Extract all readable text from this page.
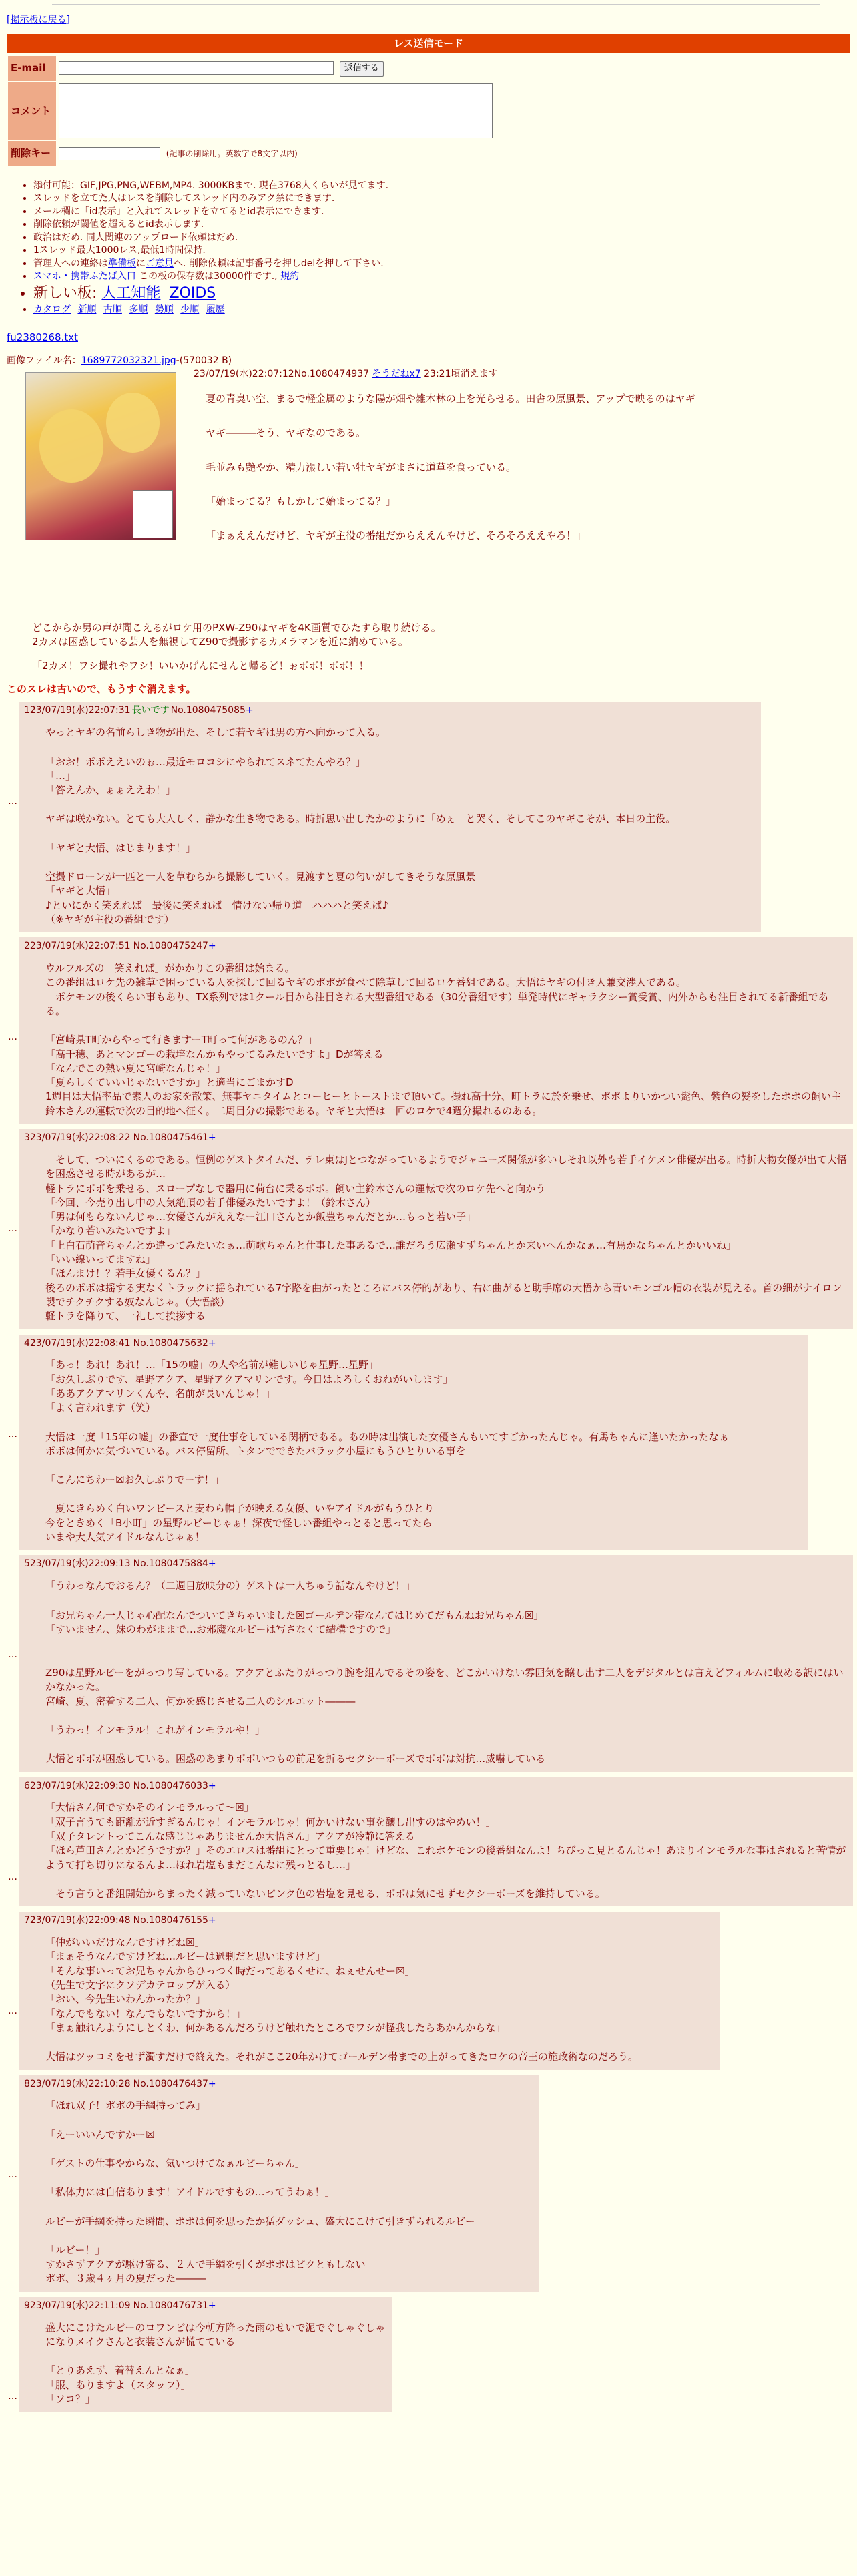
[掲示板に戻る]
レス送信モード
E-mail	返信する
コメント	

削除キー	(記事の削除用。英数字で8文字以内)
• 添付可能：GIF,JPG,PNG,WEBM,MP4. 3000KBまで. 現在3768人くらいが見てます.
• スレッドを立てた人はレスを削除してスレッド内のみアク禁にできます.
• メール欄に「id表示」と入れてスレッドを立てるとid表示にできます.
• 削除依頼が閾値を超えるとid表示します.
• 政治はだめ. 同人関連のアップロード依頼はだめ.
• 1スレッド最大1000レス,最低1時間保持.
• 管理人への連絡は準備板にご意見へ. 削除依頼は記事番号を押しdelを押して下さい.
• スマホ・携帯ふたば入口 この板の保存数は30000件です., 規約
• 新しい板: 人工知能 ZOIDS
• カタログ 新順 古順 多順 勢順 少順 履歴
fu2380268.txt
画像ファイル名：1689772032321.jpg-(570032 B)
23/07/19(水)22:07:12No.1080474937 そうだねx7 23:21頃消えます

夏の青臭い空、まるで軽金属のような陽が畑や雑木林の上を光らせる。田舎の原風景、アップで映るのはヤギ

ヤギ―――そう、ヤギなのである。

毛並みも艶やか、精力漲しい若い牡ヤギがまさに道草を食っている。

「始まってる？もしかして始まってる？」

「まぁええんだけど、ヤギが主役の番組だからええんやけど、そろそろええやろ！」

どこからか男の声が聞こえるがロケ用のPXW-Z90はヤギを4K画質でひたすら取り続ける。
2カメは困惑している芸人を無視してZ90で撮影するカメラマンを近に納めている。

「2カメ！ワシ撮れやワシ！いいかげんにせんと帰るど！ぉポポ！ポポ！！」

このスレは古いので、もうすぐ消えます。
…
123/07/19(水)22:07:31 長いです No.1080475085+

やっとヤギの名前らしき物が出た、そして若ヤギは男の方へ向かって入る。

「おお！ポポええいのぉ…最近モロコシにやられてスネてたんやろ？」

「…」

「答えんか、ぁぁええわ！」

ヤギは咲かない。とても大人しく、静かな生き物である。時折思い出したかのように「めぇ」と哭く、そしてこのヤギこそが、本日の主役。

「ヤギと大悟、はじまります！」

空撮ドローンが一匹と一人を草むらから撮影していく。見渡すと夏の匂いがしてきそうな原風景

「ヤギと大悟」

♪といにかく笑えれば　最後に笑えれば　情けない帰り道　ハハハと笑えば♪

（※ヤギが主役の番組です）

…
223/07/19(水)22:07:51 No.1080475247+

ウルフルズの「笑えれば」がかかりこの番組は始まる。

この番組はロケ先の雑草で困っている人を探して回るヤギのポポが食べて除草して回るロケ番組である。大悟はヤギの付き人兼交渉人である。

　ポケモンの後くらい事もあり、TX系列では1クール目から注目される大型番組である（30分番組です）単発時代にギャラクシー賞受賞、内外からも注目されてる新番組である。

「宮崎県T町からやって行きますーT町って何があるのん？」

「高千穂、あとマンゴーの栽培なんかもやってるみたいですよ」Dが答える

「なんでこの熱い夏に宮崎なんじゃ！」

「夏らしくていいじゃないですか」と適当にごまかすD

1週目は大悟率品で素人のお家を散策、無事ヤニタイムとコーヒーとトーストまで頂いて。撮れ高十分、町トラに於を乗せ、ポポよりいかつい髭色、紫色の髪をしたポポの飼い主鈴木さんの運転で次の目的地へ征く。二周目分の撮影である。ヤギと大悟は一回のロケで4週分撮れるのある。

…
323/07/19(水)22:08:22 No.1080475461+

　そして、ついにくるのである。恒例のゲストタイムだ、テレ東はJとつながっているようでジャニーズ関係が多いしそれ以外も若手イケメン俳優が出る。時折大物女優が出て大悟を困惑させる時があるが…

軽トラにポポを乗せる、スロープなしで器用に荷台に乗るポポ。飼い主鈴木さんの運転で次のロケ先へと向かう

「今回、今売り出し中の人気絶頂の若手俳優みたいですよ！（鈴木さん）」

「男は何もらないんじゃ…女優さんがええなー江口さんとか飯豊ちゃんだとか…もっと若い子」

「かなり若いみたいですよ」

「上白石萌音ちゃんとか違ってみたいなぁ…萌歌ちゃんと仕事した事あるで…誰だろう広瀬すずちゃんとか来いへんかなぁ…有馬かなちゃんとかいいね」

「いい線いってますね」

「ほんまけ！？若手女優くるん？」

後ろのポポは揺する実なくトラックに揺られている7字路を曲がったところにバス停的があり、右に曲がると助手席の大悟から青いモンゴル帽の衣装が見える。首の細がナイロン製でチクチクする奴なんじゃ。（大悟談）

軽トラを降りて、一礼して挨拶する

…
423/07/19(水)22:08:41 No.1080475632+

「あっ！あれ！あれ！…「15の嘘」の人や名前が難しいじゃ星野…星野」

「お久しぶりです、星野アクア、星野アクアマリンです。今日はよろしくおねがいします」

「ああアクアマリンくんや、名前が長いんじゃ！」

「よく言われます（笑）」

大悟は一度「15年の嘘」の番宣で一度仕事をしている関柄である。あの時は出演した女優さんもいてすごかったんじゃ。有馬ちゃんに逢いたかったなぁ

ポポは何かに気づいている。バス停留所、トタンでできたバラック小屋にもうひとりいる事を

「こんにちわー☒お久しぶりでーす！」

　夏にきらめく白いワンピースと麦わら帽子が映える女優、いやアイドルがもうひとり

今をときめく「B小町」の星野ルビーじゃぁ！深夜で怪しい番組やっとると思ってたら

いまや大人気アイドルなんじゃぁ！

…
523/07/19(水)22:09:13 No.1080475884+

「うわっなんでおるん？（二週目放映分の）ゲストは一人ちゅう話なんやけど！」

「お兄ちゃん一人じゃ心配なんでついてきちゃいました☒ゴールデン帯なんてはじめてだもんねお兄ちゃん☒」

「すいません、妹のわがままで…お邪魔なルビーは写さなくて結構ですので」

Z90は星野ルビーをがっつり写している。アクアとふたりがっつり腕を組んでるその姿を、どこかいけない雰囲気を醸し出す二人をデジタルとは言えどフィルムに収める訳にはいかなかった。

宮崎、夏、密着する二人、何かを感じさせる二人のシルエット―――

「うわっ！インモラル！これがインモラルや！」

大悟とポポが困惑している。困惑のあまりポポいつもの前足を折るセクシーポーズでポポは対抗…威嚇している

…
623/07/19(水)22:09:30 No.1080476033+

「大悟さん何ですかそのインモラルって～☒」

「双子言うても距離が近すぎるんじゃ！インモラルじゃ！何かいけない事を醸し出すのはやめい！」

「双子タレントってこんな感じじゃありませんか大悟さん」アクアが冷静に答える

「ほら芦田さんとかどうですか？」そのエロスは番組にとって重要じゃ！けどな、これポケモンの後番組なんよ！ちびっこ見とるんじゃ！あまりインモラルな事はされると苦情がようて打ち切りになるんよ…ほれ岩塩もまだこんなに残っとるし…」

　そう言うと番組開始からまったく減っていないピンク色の岩塩を見せる、ポポは気にせずセクシーポーズを維持している。

…
723/07/19(水)22:09:48 No.1080476155+

「仲がいいだけなんですけどね☒」

「まぁそうなんですけどね…ルビーは過剰だと思いますけど」

「そんな事いってお兄ちゃんからひっつく時だってあるくせに、ねぇせんせー☒」

（先生で文字にクソデカテロップが入る）

「おい、今先生いわんかったか？」

「なんでもない！なんでもないですから！」

「まぁ触れんようにしとくわ、何かあるんだろうけど触れたところでワシが怪我したらあかんからな」

大悟はツッコミをせず濁すだけで終えた。それがここ20年かけてゴールデン帯までの上がってきたロケの帝王の施政術なのだろう。

…
823/07/19(水)22:10:28 No.1080476437+

「ほれ双子！ポポの手綱持ってみ」

「えーいいんですかー☒」

「ゲストの仕事やからな、気いつけてなぁルビーちゃん」

「私体力には自信あります！アイドルですもの…ってうわぁ！」

ルビーが手綱を持った瞬間、ポポは何を思ったか猛ダッシュ、盛大にこけて引きずられるルビー

「ルビー！」

すかさずアクアが駆け寄る、２人で手綱を引くがポポはビクともしない

ポポ、３歳４ヶ月の夏だった―――

…
923/07/19(水)22:11:09 No.1080476731+

盛大にこけたルビーのロワンピは今朝方降った雨のせいで泥でぐしゃぐしゃになりメイクさんと衣装さんが慌てている

「とりあえず、着替えんとなぁ」

「服、ありますよ（スタッフ）」

「ソコ？」
